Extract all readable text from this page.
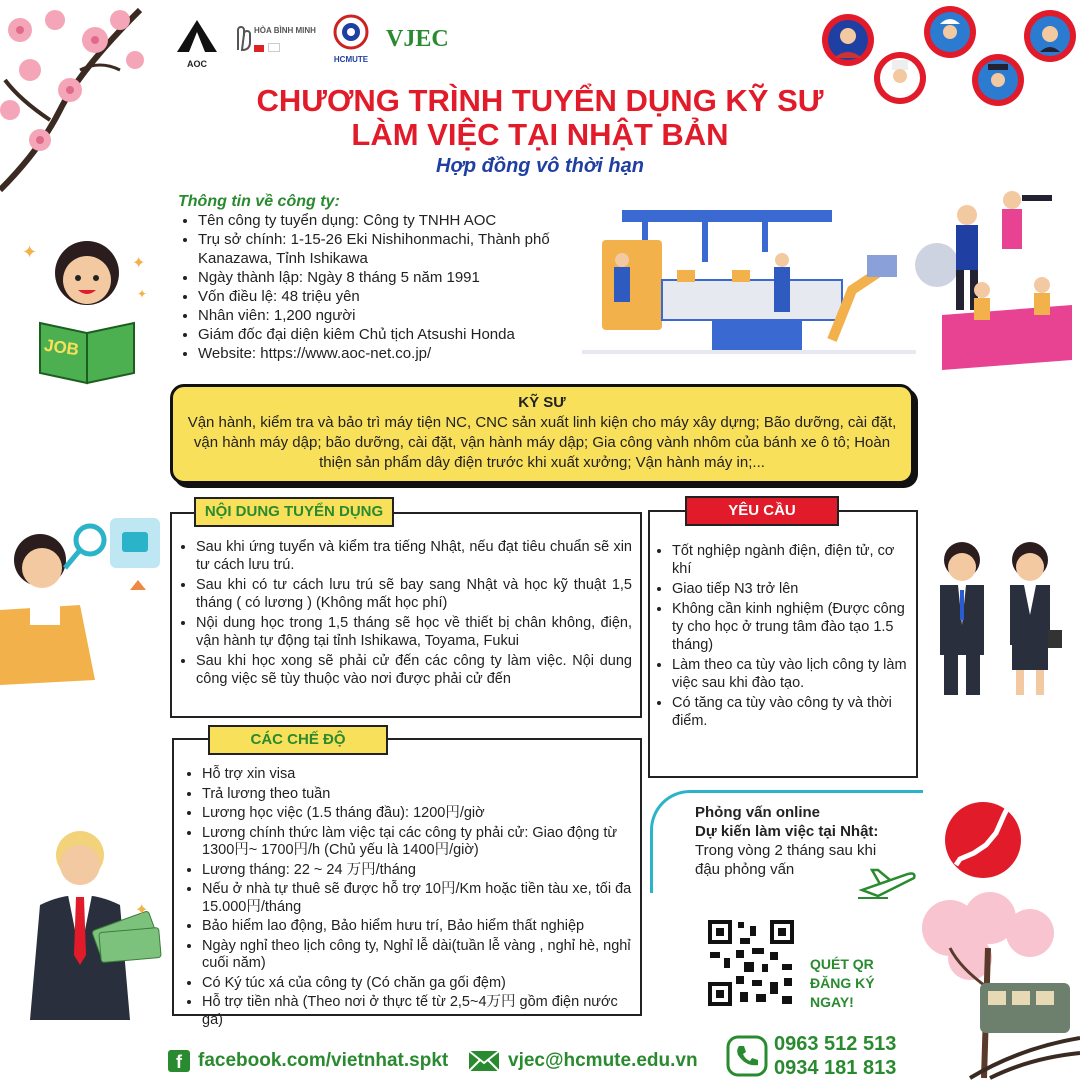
AOC
HÒA BÌNH MINH

HCMUTE
VJEC
CHƯƠNG TRÌNH TUYỂN DỤNG KỸ SƯ
LÀM VIỆC TẠI NHẬT BẢN
Hợp đồng vô thời hạn
Thông tin về công ty:
• Tên công ty tuyển dụng: Công ty TNHH AOC
• Trụ sở chính: 1-15-26 Eki Nishihonmachi, Thành phố Kanazawa, Tỉnh Ishikawa
• Ngày thành lập: Ngày 8 tháng 5 năm 1991
• Vốn điều lệ: 48 triệu yên
• Nhân viên: 1,200 người
• Giám đốc đại diện kiêm Chủ tịch Atsushi Honda
• Website: https://www.aoc-net.co.jp/
✦
✦
✦
JOB
KỸ SƯ
Vận hành, kiểm tra và bảo trì máy tiện NC, CNC sản xuất linh kiện cho máy xây dựng; Bão dưỡng, cài đặt, vận hành máy dập; bão dưỡng, cài đặt, vận hành máy dập; Gia công vành nhôm của bánh xe ô tô; Hoàn thiện sản phẩm dây điện trước khi xuất xưởng; Vận hành máy in;...
• Sau khi ứng tuyển và kiểm tra tiếng Nhật, nếu đạt tiêu chuẩn sẽ xin tư cách lưu trú.
• Sau khi có tư cách lưu trú sẽ bay sang Nhật và học kỹ thuật 1,5 tháng ( có lương ) (Không mất học phí)
• Nội dung học trong 1,5 tháng sẽ học về thiết bị chân không, điện, vận hành tự động tại tỉnh Ishikawa, Toyama, Fukui
• Sau khi học xong sẽ phải cử đến các công ty làm việc. Nội dung công việc sẽ tùy thuộc vào nơi được phải cử đến
NỘI DUNG TUYỂN DỤNG
• Tốt nghiệp ngành điện, điện tử, cơ khí
• Giao tiếp N3 trở lên
• Không cần kinh nghiệm (Được công ty cho học ở trung tâm đào tạo 1.5 tháng)
• Làm theo ca tùy vào lịch công ty làm việc sau khi đào tạo.
• Có tăng ca tùy vào công ty và thời điểm.
YÊU CẦU
• Hỗ trợ xin visa
• Trả lương theo tuần
• Lương học việc (1.5 tháng đầu): 1200円/giờ
• Lương chính thức làm việc tại các công ty phải cử: Giao động từ 1300円~ 1700円/h (Chủ yếu là 1400円/giờ)
• Lương tháng: 22 ~ 24 万円/tháng
• Nếu ở nhà tự thuê sẽ được hỗ trợ 10円/Km hoặc tiền tàu xe, tối đa 15.000円/tháng
• Bảo hiểm lao động, Bảo hiểm hưu trí, Bảo hiểm thất nghiệp
• Ngày nghỉ theo lịch công ty, Nghỉ lễ dài(tuần lễ vàng , nghỉ hè, nghỉ cuối năm)
• Có Ký túc xá của công ty (Có chăn ga gối đệm)
• Hỗ trợ tiền nhà (Theo nơi ở thực tế từ 2,5~4万円 gồm điện nước ga)
CÁC CHẾ ĐỘ
✦
Phỏng vấn online
Dự kiến làm việc tại Nhật:
Trong vòng 2 tháng sau khi đậu phỏng vấn
QUÉT QR
ĐĂNG KÝ
NGAY!
f facebook.com/vietnhat.spkt	vjec@hcmute.edu.vn
0963 512 513
0934 181 813
